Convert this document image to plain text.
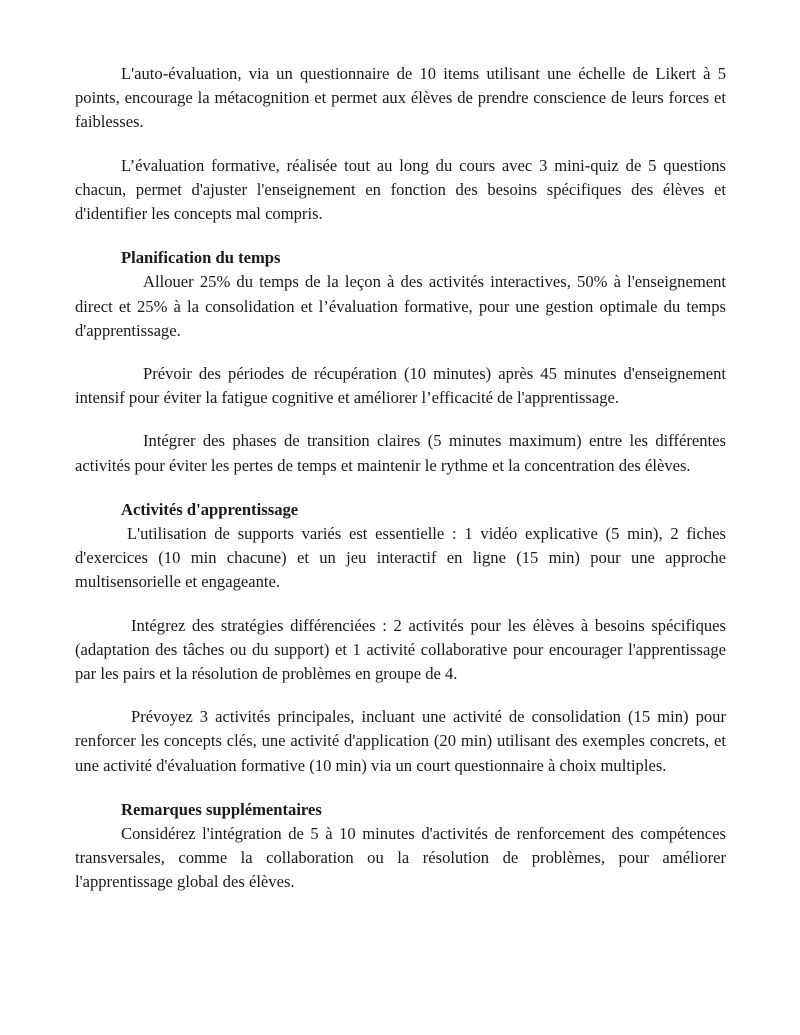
L'auto-évaluation, via un questionnaire de 10 items utilisant une échelle de Likert à 5 points, encourage la métacognition et permet aux élèves de prendre conscience de leurs forces et faiblesses.

L’évaluation formative, réalisée tout au long du cours avec 3 mini-quiz de 5 questions chacun, permet d'ajuster l'enseignement en fonction des besoins spécifiques des élèves et d'identifier les concepts mal compris.

Planification du temps

Allouer 25% du temps de la leçon à des activités interactives, 50% à l'enseignement direct et 25% à la consolidation et l’évaluation formative, pour une gestion optimale du temps d'apprentissage.

Prévoir des périodes de récupération (10 minutes) après 45 minutes d'enseignement intensif pour éviter la fatigue cognitive et améliorer l’efficacité de l'apprentissage.

Intégrer des phases de transition claires (5 minutes maximum) entre les différentes activités pour éviter les pertes de temps et maintenir le rythme et la concentration des élèves.

Activités d'apprentissage

L'utilisation de supports variés est essentielle : 1 vidéo explicative (5 min), 2 fiches d'exercices (10 min chacune) et un jeu interactif en ligne (15 min) pour une approche multisensorielle et engageante.

Intégrez des stratégies différenciées : 2 activités pour les élèves à besoins spécifiques (adaptation des tâches ou du support) et 1 activité collaborative pour encourager l'apprentissage par les pairs et la résolution de problèmes en groupe de 4.

Prévoyez 3 activités principales, incluant une activité de consolidation (15 min) pour renforcer les concepts clés, une activité d'application (20 min) utilisant des exemples concrets, et une activité d'évaluation formative (10 min) via un court questionnaire à choix multiples.

Remarques supplémentaires

Considérez l'intégration de 5 à 10 minutes d'activités de renforcement des compétences transversales, comme la collaboration ou la résolution de problèmes, pour améliorer l'apprentissage global des élèves.
